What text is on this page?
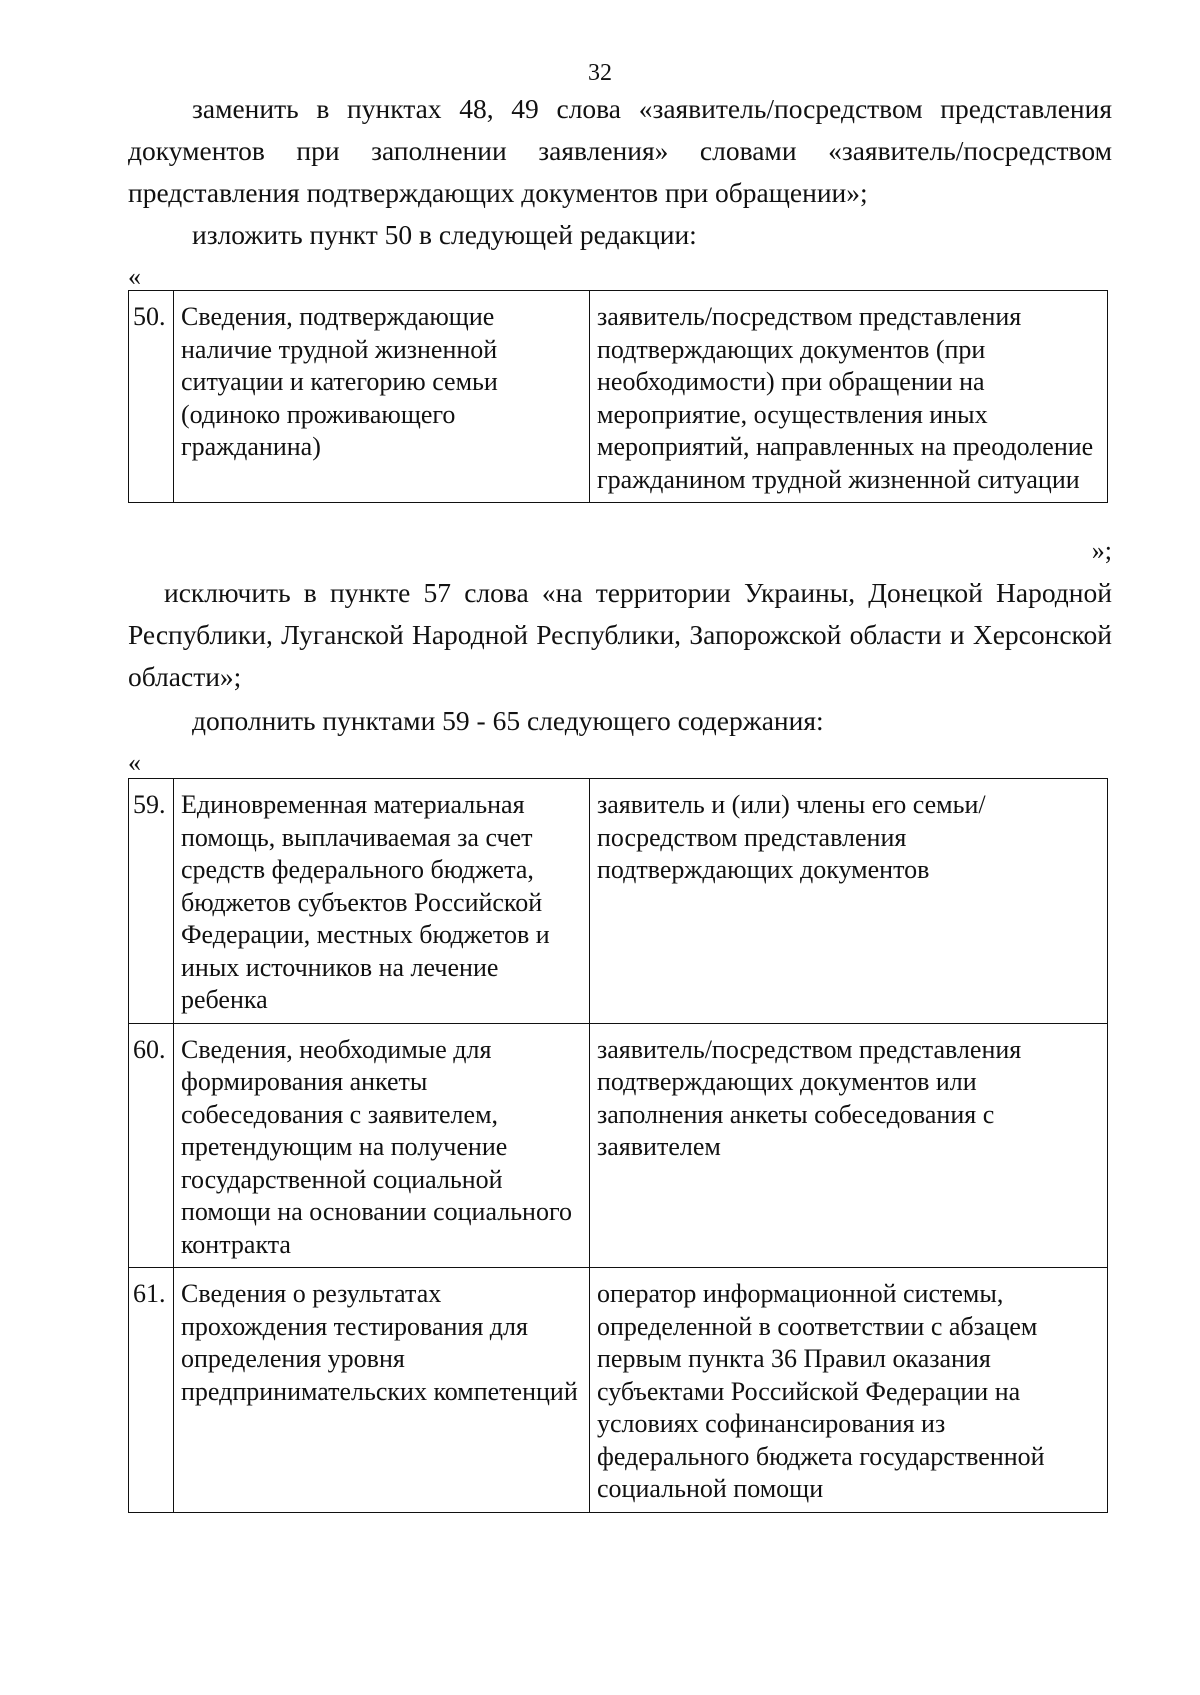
32

заменить в пунктах 48, 49 слова «заявитель/посредством представления документов при заполнении заявления» словами «заявитель/посредством представления подтверждающих документов при обращении»;

изложить пункт 50 в следующей редакции:

«
50.	Сведения, подтверждающие наличие трудной жизненной ситуации и категорию семьи (одиноко проживающего гражданина)	заявитель/посредством представления подтверждающих документов (при необходимости) при обращении на мероприятие, осуществления иных мероприятий, направленных на преодоление гражданином трудной жизненной ситуации
»;

исключить в пункте 57 слова «на территории Украины, Донецкой Народной Республики, Луганской Народной Республики, Запорожской области и Херсонской области»;

дополнить пунктами 59 - 65 следующего содержания:

«
59.	Единовременная материальная помощь, выплачиваемая за счет средств федерального бюджета, бюджетов субъектов Российской Федерации, местных бюджетов и иных источников на лечение ребенка	заявитель и (или) члены его семьи/посредством представления подтверждающих документов
60.	Сведения, необходимые для формирования анкеты собеседования с заявителем, претендующим на получение государственной социальной помощи на основании социального контракта	заявитель/посредством представления подтверждающих документов или заполнения анкеты собеседования с заявителем
61.	Сведения о результатах прохождения тестирования для определения уровня предпринимательских компетенций	оператор информационной системы, определенной в соответствии с абзацем первым пункта 36 Правил оказания субъектами Российской Федерации на условиях софинансирования из федерального бюджета государственной социальной помощи
